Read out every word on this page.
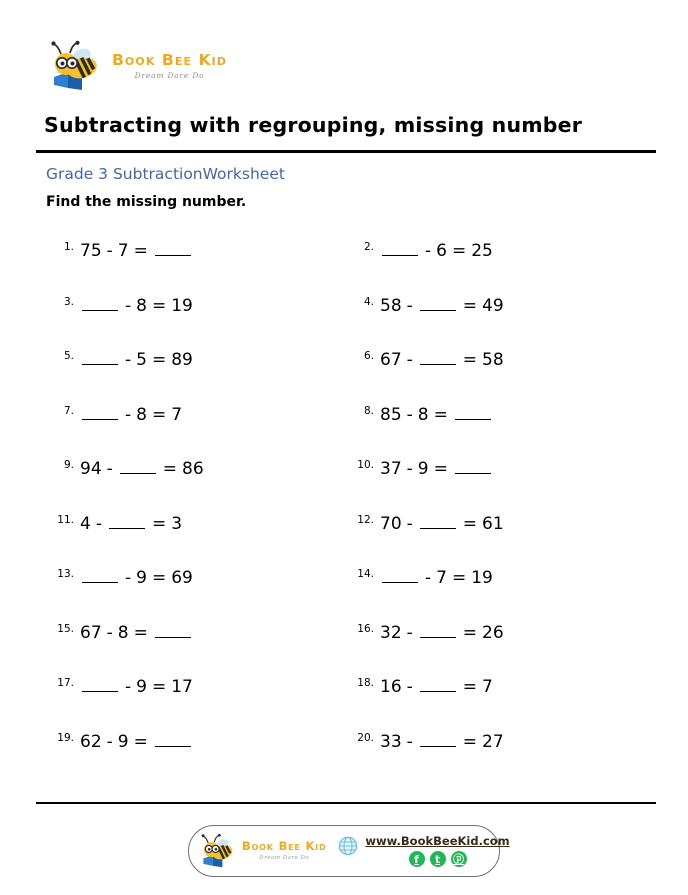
Book Bee Kid
Dream Dare Do
Subtracting with regrouping, missing number
Grade 3 SubtractionWorksheet
Find the missing number.
1. 75 - 7 =	2.	- 6 = 25
3.	- 8 = 19	4. 58 -	= 49
5.	- 5 = 89	6. 67 -	= 58
7.	- 8 = 7	8. 85 - 8 =
9. 94 -	= 86	10. 37 - 9 =
11. 4 -	= 3	12. 70 -	= 61
13.	- 9 = 69	14.	- 7 = 19
15. 67 - 8 =	16. 32 -	= 26
17.	- 9 = 17	18. 16 -	= 7
19. 62 - 9 =	20. 33 -	= 27
Book Bee Kid
Dream Dare Do
www.BookBeeKid.com
f	t	ⓟ
